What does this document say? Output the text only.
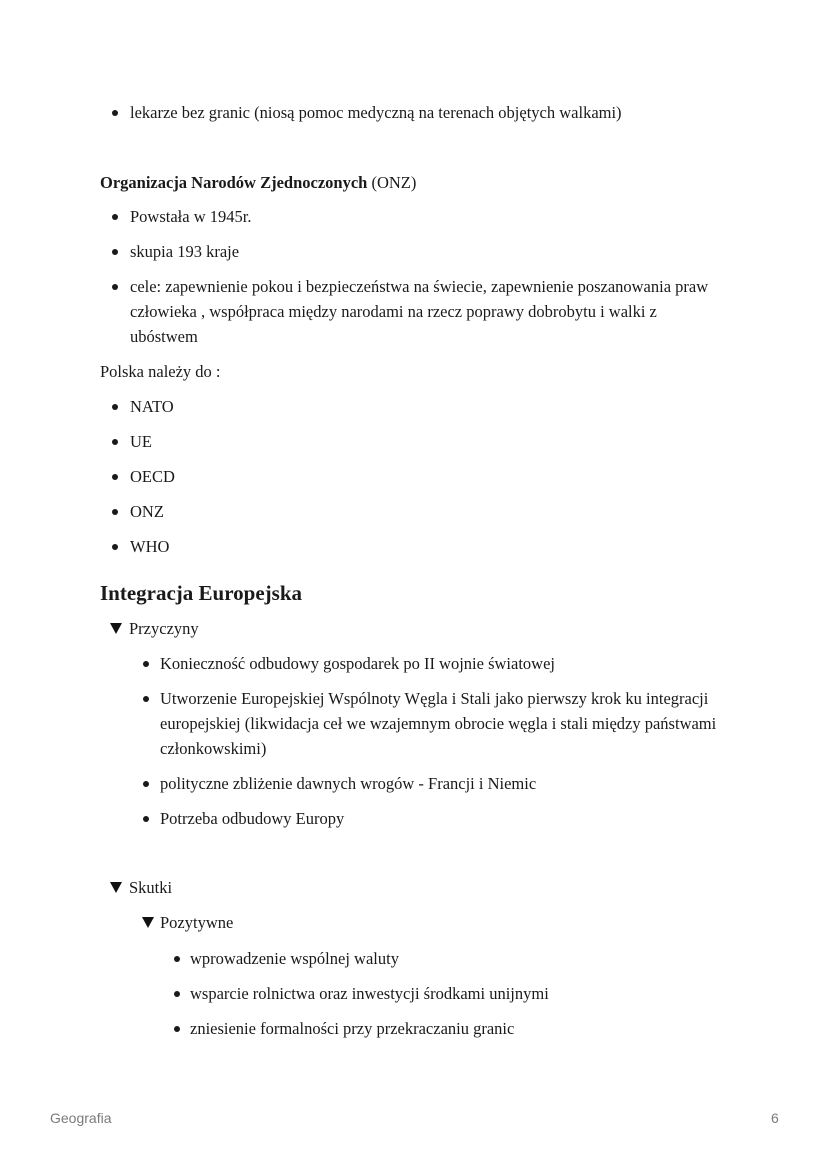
lekarze bez granic (niosą pomoc medyczną na terenach objętych walkami)
Organizacja Narodów Zjednoczonych (ONZ)
Powstała w 1945r.
skupia 193 kraje
cele: zapewnienie pokou i bezpieczeństwa na świecie, zapewnienie poszanowania praw
człowieka , współpraca między narodami na rzecz poprawy dobrobytu i walki z
ubóstwem
Polska należy do :
NATO
UE
OECD
ONZ
WHO
Integracja Europejska
Przyczyny
Konieczność odbudowy gospodarek po II wojnie światowej
Utworzenie Europejskiej Wspólnoty Węgla i Stali jako pierwszy krok ku integracji
europejskiej (likwidacja ceł we wzajemnym obrocie węgla i stali między państwami
członkowskimi)
polityczne zbliżenie dawnych wrogów - Francji i Niemic
Potrzeba odbudowy Europy
Skutki
Pozytywne
wprowadzenie wspólnej waluty
wsparcie rolnictwa oraz inwestycji środkami unijnymi
zniesienie formalności przy przekraczaniu granic
Geografia	6
